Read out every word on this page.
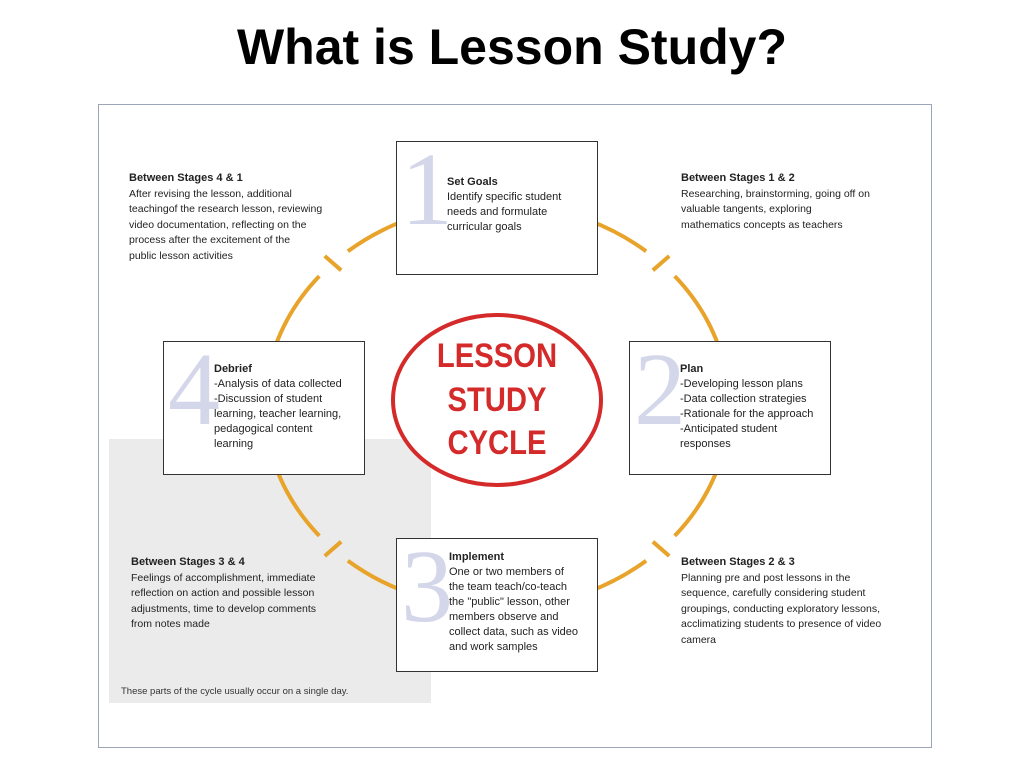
What is Lesson Study?
These parts of the cycle usually occur on a single day.
LESSON
STUDY
CYCLE
1
Set Goals
Identify specific student
needs and formulate
curricular goals
2
Plan
-Developing lesson plans
-Data collection strategies
-Rationale for the approach
-Anticipated student
responses
3
Implement
One or two members of
the team teach/co-teach
the "public" lesson, other
members observe and
collect data, such as video
and work samples
4
Debrief
-Analysis of data collected
-Discussion of student
learning, teacher learning,
pedagogical content
learning
Between Stages 4 & 1
After revising the lesson, additional
teachingof the research lesson, reviewing
video documentation, reflecting on the
process after the excitement of the
public lesson activities
Between Stages 1 & 2
Researching, brainstorming, going off on
valuable tangents, exploring
mathematics concepts as teachers
Between Stages 2 & 3
Planning pre and post lessons in the
sequence, carefully considering student
groupings, conducting exploratory lessons,
acclimatizing students to presence of video
camera
Between Stages 3 & 4
Feelings of accomplishment, immediate
reflection on action and possible lesson
adjustments, time to develop comments
from notes made
